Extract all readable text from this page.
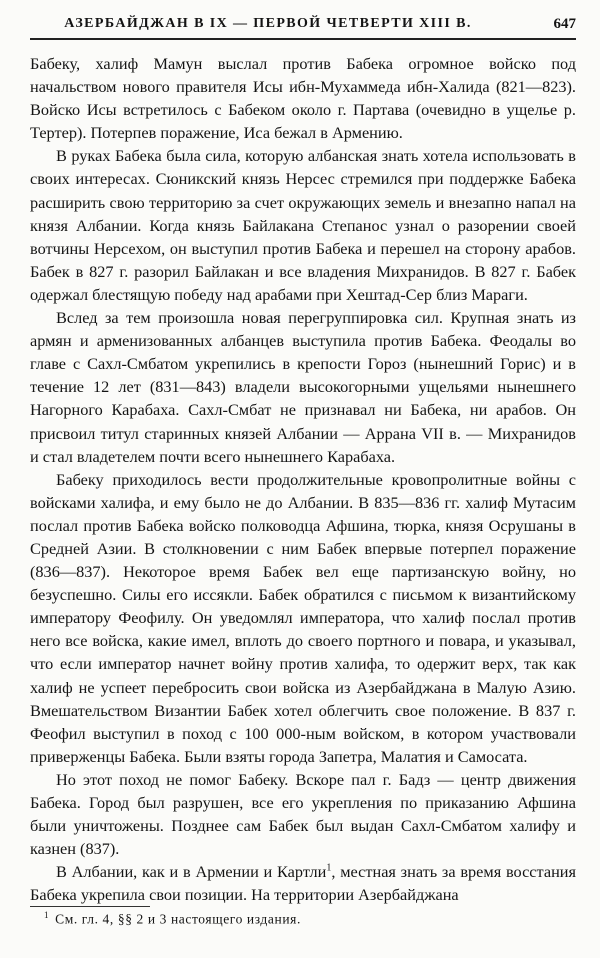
АЗЕРБАЙДЖАН В IX — ПЕРВОЙ ЧЕТВЕРТИ XIII В.	647

Бабеку, халиф Мамун выслал против Бабека огромное войско под начальством нового правителя Исы ибн-Мухаммеда ибн-Халида (821—823). Войско Исы встретилось с Бабеком около г. Партава (очевидно в ущелье р. Тертер). Потерпев поражение, Иса бежал в Армению.

В руках Бабека была сила, которую албанская знать хотела использовать в своих интересах. Сюникский князь Нерсес стремился при поддержке Бабека расширить свою территорию за счет окружающих земель и внезапно напал на князя Албании. Когда князь Байлакана Степанос узнал о разорении своей вотчины Нерсехом, он выступил против Бабека и перешел на сторону арабов. Бабек в 827 г. разорил Байлакан и все владения Михранидов. В 827 г. Бабек одержал блестящую победу над арабами при Хештад-Сер близ Мараги.

Вслед за тем произошла новая перегруппировка сил. Крупная знать из армян и арменизованных албанцев выступила против Бабека. Феодалы во главе с Сахл-Смбатом укрепились в крепости Гороз (нынешний Горис) и в течение 12 лет (831—843) владели высокогорными ущельями нынешнего Нагорного Карабаха. Сахл-Смбат не признавал ни Бабека, ни арабов. Он присвоил титул старинных князей Албании — Аррана VII в. — Михранидов и стал владетелем почти всего нынешнего Карабаха.

Бабеку приходилось вести продолжительные кровопролитные войны с войсками халифа, и ему было не до Албании. В 835—836 гг. халиф Мутасим послал против Бабека войско полководца Афшина, тюрка, князя Осрушаны в Средней Азии. В столкновении с ним Бабек впервые потерпел поражение (836—837). Некоторое время Бабек вел еще партизанскую войну, но безуспешно. Силы его иссякли. Бабек обратился с письмом к византийскому императору Феофилу. Он уведомлял императора, что халиф послал против него все войска, какие имел, вплоть до своего портного и повара, и указывал, что если император начнет войну против халифа, то одержит верх, так как халиф не успеет перебросить свои войска из Азербайджана в Малую Азию. Вмешательством Византии Бабек хотел облегчить свое положение. В 837 г. Феофил выступил в поход с 100 000-ным войском, в котором участвовали приверженцы Бабека. Были взяты города Запетра, Малатия и Самосата.

Но этот поход не помог Бабеку. Вскоре пал г. Бадз — центр движения Бабека. Город был разрушен, все его укрепления по приказанию Афшина были уничтожены. Позднее сам Бабек был выдан Сахл-Смбатом халифу и казнен (837).

В Албании, как и в Армении и Картли$^1$, местная знать за время восстания Бабека укрепила свои позиции. На территории Азербайджана

$^1$ См. гл. 4, §§ 2 и 3 настоящего издания.
